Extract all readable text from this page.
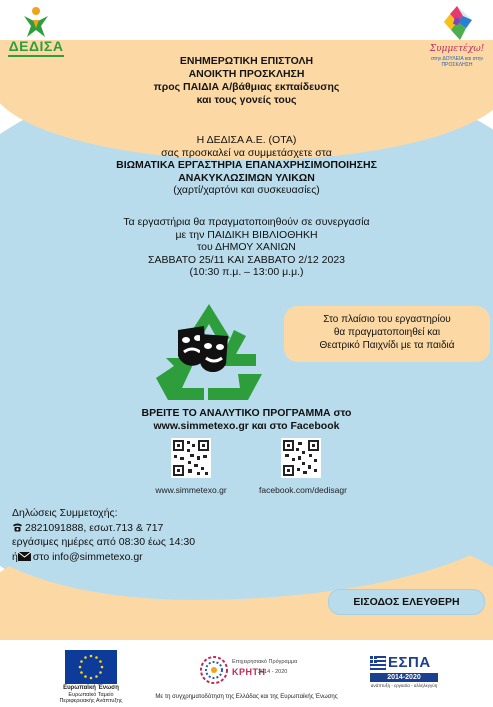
ΔΕΔΙΣΑ	Συμμετέχω!
στην ΔΟΥΛΕΙΑ και στην ΠΡΟΣΚΛΗΣΗ
ΕΝΗΜΕΡΩΤΙΚΗ ΕΠΙΣΤΟΛΗ
ΑΝΟΙΚΤΗ ΠΡΟΣΚΛΗΣΗ
προς ΠΑΙΔΙΑ Α/βάθμιας εκπαίδευσης
και τους γονείς τους
Η ΔΕΔΙΣΑ Α.Ε. (ΟΤΑ)
σας προσκαλεί να συμμετάσχετε στα
ΒΙΩΜΑΤΙΚΑ ΕΡΓΑΣΤΗΡΙΑ ΕΠΑΝΑΧΡΗΣΙΜΟΠΟΙΗΣΗΣ
ΑΝΑΚΥΚΛΩΣΙΜΩΝ ΥΛΙΚΩΝ
(χαρτί/χαρτόνι και συσκευασίες)
Τα εργαστήρια θα πραγματοποιηθούν σε συνεργασία
με την ΠΑΙΔΙΚΗ ΒΙΒΛΙΟΘΗΚΗ
του ΔΗΜΟΥ ΧΑΝΙΩΝ
ΣΑΒΒΑΤΟ 25/11 ΚΑΙ ΣΑΒΒΑΤΟ 2/12 2023
(10:30 π.μ. – 13:00 μ.μ.)
Στο πλαίσιο του εργαστηρίου
θα πραγματοποιηθεί και
Θεατρικό Παιχνίδι με τα παιδιά
ΒΡΕΙΤΕ ΤΟ ΑΝΑΛΥΤΙΚΟ ΠΡΟΓΡΑΜΜΑ στο
www.simmetexo.gr και στο Facebook
www.simmetexo.gr	facebook.com/dedisagr
Δηλώσεις Συμμετοχής:
2821091888, εσωτ.713 & 717
εργάσιμες ημέρες από 08:30 έως 14:30
ή στο info@simmetexo.gr
ΕΙΣΟΔΟΣ ΕΛΕΥΘΕΡΗ
Ευρωπαϊκή Ένωση
Ευρωπαϊκό Ταμείο Περιφερειακής Ανάπτυξης
Επιχειρησιακό Πρόγραμμα
ΚΡΗΤΗ
2014 - 2020
ΕΣΠΑ
2014-2020
ανάπτυξη - εργασία - αλληλεγγύη
Με τη συγχρηματοδότηση της Ελλάδας και της Ευρωπαϊκής Ένωσης
